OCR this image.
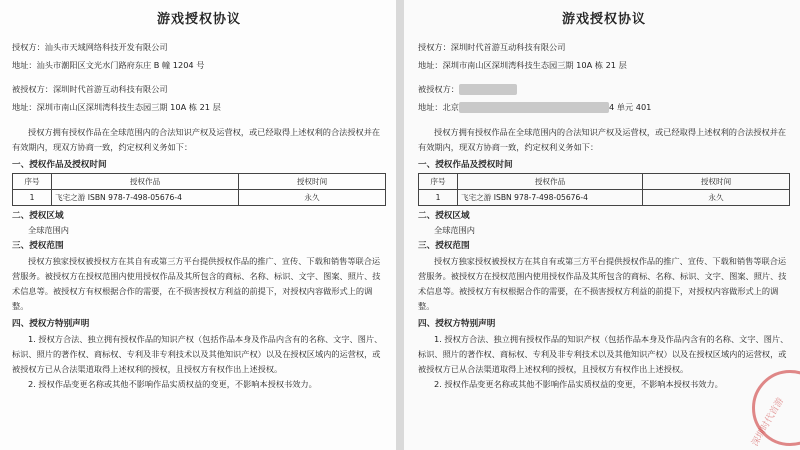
游戏授权协议
授权方：汕头市天域网络科技开发有限公司
地址：汕头市潮阳区文光水门路府东庄 B 幢 1204 号
被授权方：深圳时代首游互动科技有限公司
地址：深圳市南山区深圳湾科技生态园三期 10A 栋 21 层
授权方拥有授权作品在全球范围内的合法知识产权及运营权，或已经取得上述权利的合法授权并在有效期内，现双方协商一致，约定权利义务如下：
一、授权作品及授权时间
序号	授权作品	授权时间
1	飞宅之游 ISBN 978-7-498-05676-4	永久
二、授权区域
全球范围内
三、授权范围
授权方独家授权被授权方在其自有或第三方平台提供授权作品的推广、宣传、下载和销售等联合运营服务。被授权方在授权范围内使用授权作品及其所包含的商标、名称、标识、文字、图案、照片、技术信息等。被授权方有权根据合作的需要，在不损害授权方利益的前提下，对授权内容做形式上的调整。
四、授权方特别声明
1. 授权方合法、独立拥有授权作品的知识产权（包括作品本身及作品内含有的名称、文字、图片、标识、照片的著作权、商标权、专利及非专利技术以及其他知识产权）以及在授权区域内的运营权，或被授权方已从合法渠道取得上述权利的授权，且授权方有权作出上述授权。
2. 授权作品变更名称或其他不影响作品实质权益的变更，不影响本授权书效力。
游戏授权协议
授权方：深圳时代首游互动科技有限公司
地址：深圳市南山区深圳湾科技生态园三期 10A 栋 21 层
被授权方：
地址：北京	4 单元 401
授权方拥有授权作品在全球范围内的合法知识产权及运营权，或已经取得上述权利的合法授权并在有效期内，现双方协商一致，约定权利义务如下：
一、授权作品及授权时间
序号	授权作品	授权时间
1	飞宅之游 ISBN 978-7-498-05676-4	永久
二、授权区域
全球范围内
三、授权范围
授权方独家授权被授权方在其自有或第三方平台提供授权作品的推广、宣传、下载和销售等联合运营服务。被授权方在授权范围内使用授权作品及其所包含的商标、名称、标识、文字、图案、照片、技术信息等。被授权方有权根据合作的需要，在不损害授权方利益的前提下，对授权内容做形式上的调整。
四、授权方特别声明
1. 授权方合法、独立拥有授权作品的知识产权（包括作品本身及作品内含有的名称、文字、图片、标识、照片的著作权、商标权、专利及非专利技术以及其他知识产权）以及在授权区域内的运营权，或被授权方已从合法渠道取得上述权利的授权，且授权方有权作出上述授权。
2. 授权作品变更名称或其他不影响作品实质权益的变更，不影响本授权书效力。
深圳时代首游
